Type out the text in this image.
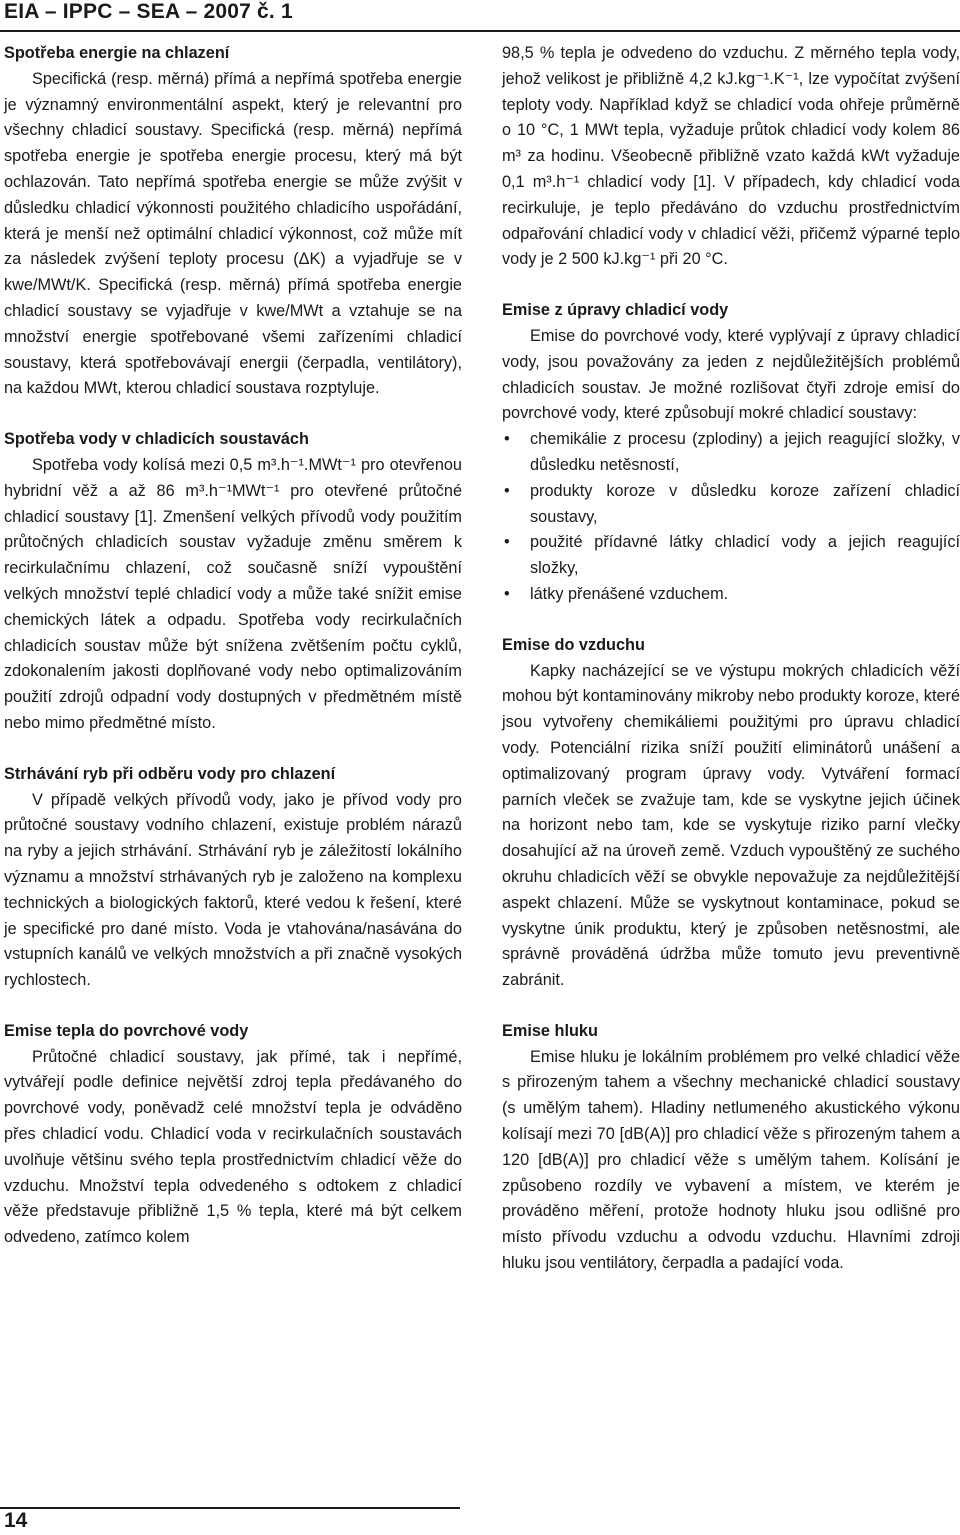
EIA – IPPC – SEA – 2007 č. 1
Spotřeba energie na chlazení

Specifická (resp. měrná) přímá a nepřímá spotřeba energie je významný environmentální aspekt, který je relevantní pro všechny chladicí soustavy. Specifická (resp. měrná) nepřímá spotřeba energie je spotřeba energie procesu, který má být ochlazován. Tato nepřímá spotřeba energie se může zvýšit v důsledku chladicí výkonnosti použitého chladicího uspořádání, která je menší než optimální chladicí výkonnost, což může mít za následek zvýšení teploty procesu (ΔK) a vyjadřuje se v kwe/MWt/K. Specifická (resp. měrná) přímá spotřeba energie chladicí soustavy se vyjadřuje v kwe/MWt a vztahuje se na množství energie spotřebované všemi zařízeními chladicí soustavy, která spotřebovávají energii (čerpadla, ventilátory), na každou MWt, kterou chladicí soustava rozptyluje.

Spotřeba vody v chladicích soustavách

Spotřeba vody kolísá mezi 0,5 m³.h⁻¹.MWt⁻¹ pro otevřenou hybridní věž a až 86 m³.h⁻¹MWt⁻¹ pro otevřené průtočné chladicí soustavy [1]. Zmenšení velkých přívodů vody použitím průtočných chladicích soustav vyžaduje změnu směrem k recirkulačnímu chlazení, což současně sníží vypouštění velkých množství teplé chladicí vody a může také snížit emise chemických látek a odpadu. Spotřeba vody recirkulačních chladicích soustav může být snížena zvětšením počtu cyklů, zdokonalením jakosti doplňované vody nebo optimalizováním použití zdrojů odpadní vody dostupných v předmětném místě nebo mimo předmětné místo.

Strhávání ryb při odběru vody pro chlazení

V případě velkých přívodů vody, jako je přívod vody pro průtočné soustavy vodního chlazení, existuje problém nárazů na ryby a jejich strhávání. Strhávání ryb je záležitostí lokálního významu a množství strhávaných ryb je založeno na komplexu technických a biologických faktorů, které vedou k řešení, které je specifické pro dané místo. Voda je vtahována/nasávána do vstupních kanálů ve velkých množstvích a při značně vysokých rychlostech.

Emise tepla do povrchové vody

Průtočné chladicí soustavy, jak přímé, tak i nepřímé, vytvářejí podle definice největší zdroj tepla předávaného do povrchové vody, poněvadž celé množství tepla je odváděno přes chladicí vodu. Chladicí voda v recirkulačních soustavách uvolňuje většinu svého tepla prostřednictvím chladicí věže do vzduchu. Množství tepla odvedeného s odtokem z chladicí věže představuje přibližně 1,5 % tepla, které má být celkem odvedeno, zatímco kolem

98,5 % tepla je odvedeno do vzduchu. Z měrného tepla vody, jehož velikost je přibližně 4,2 kJ.kg⁻¹.K⁻¹, lze vypočítat zvýšení teploty vody. Například když se chladicí voda ohřeje průměrně o 10 °C, 1 MWt tepla, vyžaduje průtok chladicí vody kolem 86 m³ za hodinu. Všeobecně přibližně vzato každá kWt vyžaduje 0,1 m³.h⁻¹ chladicí vody [1]. V případech, kdy chladicí voda recirkuluje, je teplo předáváno do vzduchu prostřednictvím odpařování chladicí vody v chladicí věži, přičemž výparné teplo vody je 2 500 kJ.kg⁻¹ při 20 °C.

Emise z úpravy chladicí vody

Emise do povrchové vody, které vyplývají z úpravy chladicí vody, jsou považovány za jeden z nejdůležitějších problémů chladicích soustav. Je možné rozlišovat čtyři zdroje emisí do povrchové vody, které způsobují mokré chladicí soustavy:

• chemikálie z procesu (zplodiny) a jejich reagující složky, v důsledku netěsností,
• produkty koroze v důsledku koroze zařízení chladicí soustavy,
• použité přídavné látky chladicí vody a jejich reagující složky,
• látky přenášené vzduchem.
Emise do vzduchu

Kapky nacházející se ve výstupu mokrých chladicích věží mohou být kontaminovány mikroby nebo produkty koroze, které jsou vytvořeny chemikáliemi použitými pro úpravu chladicí vody. Potenciální rizika sníží použití eliminátorů unášení a optimalizovaný program úpravy vody. Vytváření formací parních vleček se zvažuje tam, kde se vyskytne jejich účinek na horizont nebo tam, kde se vyskytuje riziko parní vlečky dosahující až na úroveň země. Vzduch vypouštěný ze suchého okruhu chladicích věží se obvykle nepovažuje za nejdůležitější aspekt chlazení. Může se vyskytnout kontaminace, pokud se vyskytne únik produktu, který je způsoben netěsnostmi, ale správně prováděná údržba může tomuto jevu preventivně zabránit.

Emise hluku

Emise hluku je lokálním problémem pro velké chladicí věže s přirozeným tahem a všechny mechanické chladicí soustavy (s umělým tahem). Hladiny netlumeného akustického výkonu kolísají mezi 70 [dB(A)] pro chladicí věže s přirozeným tahem a 120 [dB(A)] pro chladicí věže s umělým tahem. Kolísání je způsobeno rozdíly ve vybavení a místem, ve kterém je prováděno měření, protože hodnoty hluku jsou odlišné pro místo přívodu vzduchu a odvodu vzduchu. Hlavními zdroji hluku jsou ventilátory, čerpadla a padající voda.

14
